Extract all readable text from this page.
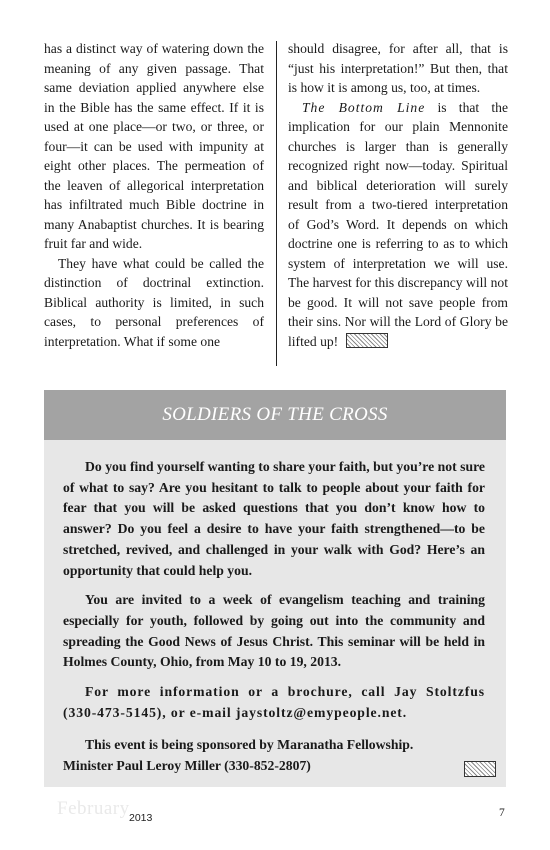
has a distinct way of watering down the meaning of any given passage. That same deviation applied anywhere else in the Bible has the same effect. If it is used at one place—or two, or three, or four—it can be used with impunity at eight other places. The permeation of the leaven of allegorical interpretation has infiltrated much Bible doctrine in many Anabaptist churches. It is bearing fruit far and wide.

They have what could be called the distinction of doctrinal extinction. Biblical authority is limited, in such cases, to personal preferences of interpretation. What if some one

should disagree, for after all, that is “just his interpretation!” But then, that is how it is among us, too, at times.

The Bottom Line is that the implication for our plain Mennonite churches is larger than is generally recognized right now—today. Spiritual and biblical deterioration will surely result from a two-tiered interpretation of God’s Word. It depends on which doctrine one is referring to as to which system of interpretation we will use. The harvest for this discrepancy will not be good. It will not save people from their sins. Nor will the Lord of Glory be lifted up!

SOLDIERS OF THE CROSS

Do you find yourself wanting to share your faith, but you’re not sure of what to say? Are you hesitant to talk to people about your faith for fear that you will be asked questions that you don’t know how to answer? Do you feel a desire to have your faith strengthened—to be stretched, revived, and challenged in your walk with God? Here’s an opportunity that could help you.

You are invited to a week of evangelism teaching and training especially for youth, followed by going out into the community and spreading the Good News of Jesus Christ. This seminar will be held in Holmes County, Ohio, from May 10 to 19, 2013.

For more information or a brochure, call Jay Stoltzfus (330-473-5145), or e-mail jaystoltz@emypeople.net.

This event is being sponsored by Maranatha Fellowship.
Minister Paul Leroy Miller (330-852-2807)

February 2013	7
